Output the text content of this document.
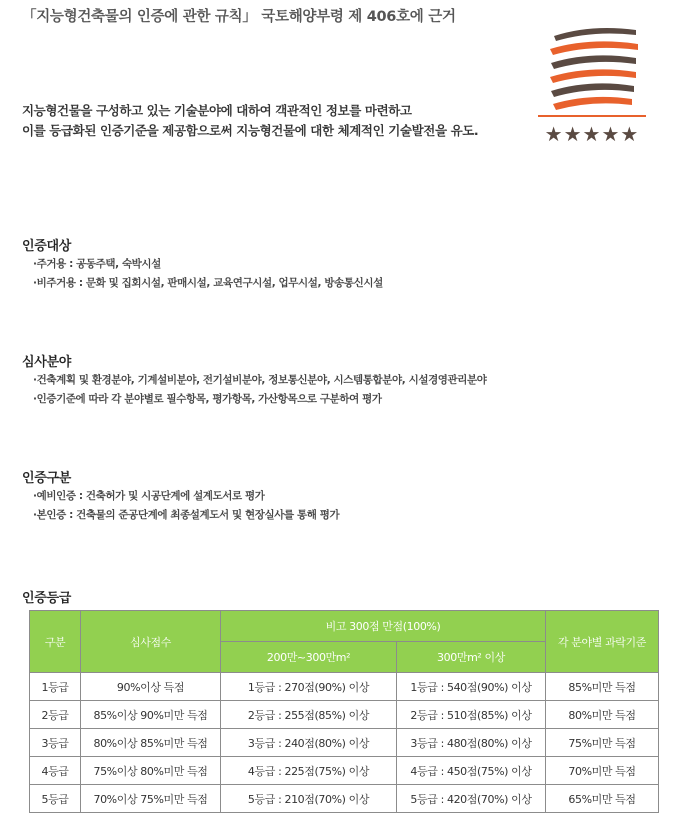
「지능형건축물의 인증에 관한 규칙」 국토해양부령 제 406호에 근거
지능형건물을 구성하고 있는 기술분야에 대하여 객관적인 정보를 마련하고
이를 등급화된 인증기준을 제공함으로써 지능형건물에 대한 체계적인 기술발전을 유도.	★★★★★
인증대상
·주거용 : 공동주택, 숙박시설
·비주거용 : 문화 및 집회시설, 판매시설, 교육연구시설, 업무시설, 방송통신시설
심사분야
·건축계획 및 환경분야, 기계설비분야, 전기설비분야, 정보통신분야, 시스템통합분야, 시설경영관리분야
·인증기준에 따라 각 분야별로 필수항목, 평가항목, 가산항목으로 구분하여 평가
인증구분
·예비인증 : 건축허가 및 시공단계에 설계도서로 평가
·본인증 : 건축물의 준공단계에 최종설계도서 및 현장실사를 통해 평가
인증등급
구분	심사점수	비고 300점 만점(100%)		각 분야별 과락기준
		200만~300만m²	300만m² 이상	
1등급	90%이상 득점	1등급 : 270점(90%) 이상	1등급 : 540점(90%) 이상	85%미만 득점
2등급	85%이상 90%미만 득점	2등급 : 255점(85%) 이상	2등급 : 510점(85%) 이상	80%미만 득점
3등급	80%이상 85%미만 득점	3등급 : 240점(80%) 이상	3등급 : 480점(80%) 이상	75%미만 득점
4등급	75%이상 80%미만 득점	4등급 : 225점(75%) 이상	4등급 : 450점(75%) 이상	70%미만 득점
5등급	70%이상 75%미만 득점	5등급 : 210점(70%) 이상	5등급 : 420점(70%) 이상	65%미만 득점
